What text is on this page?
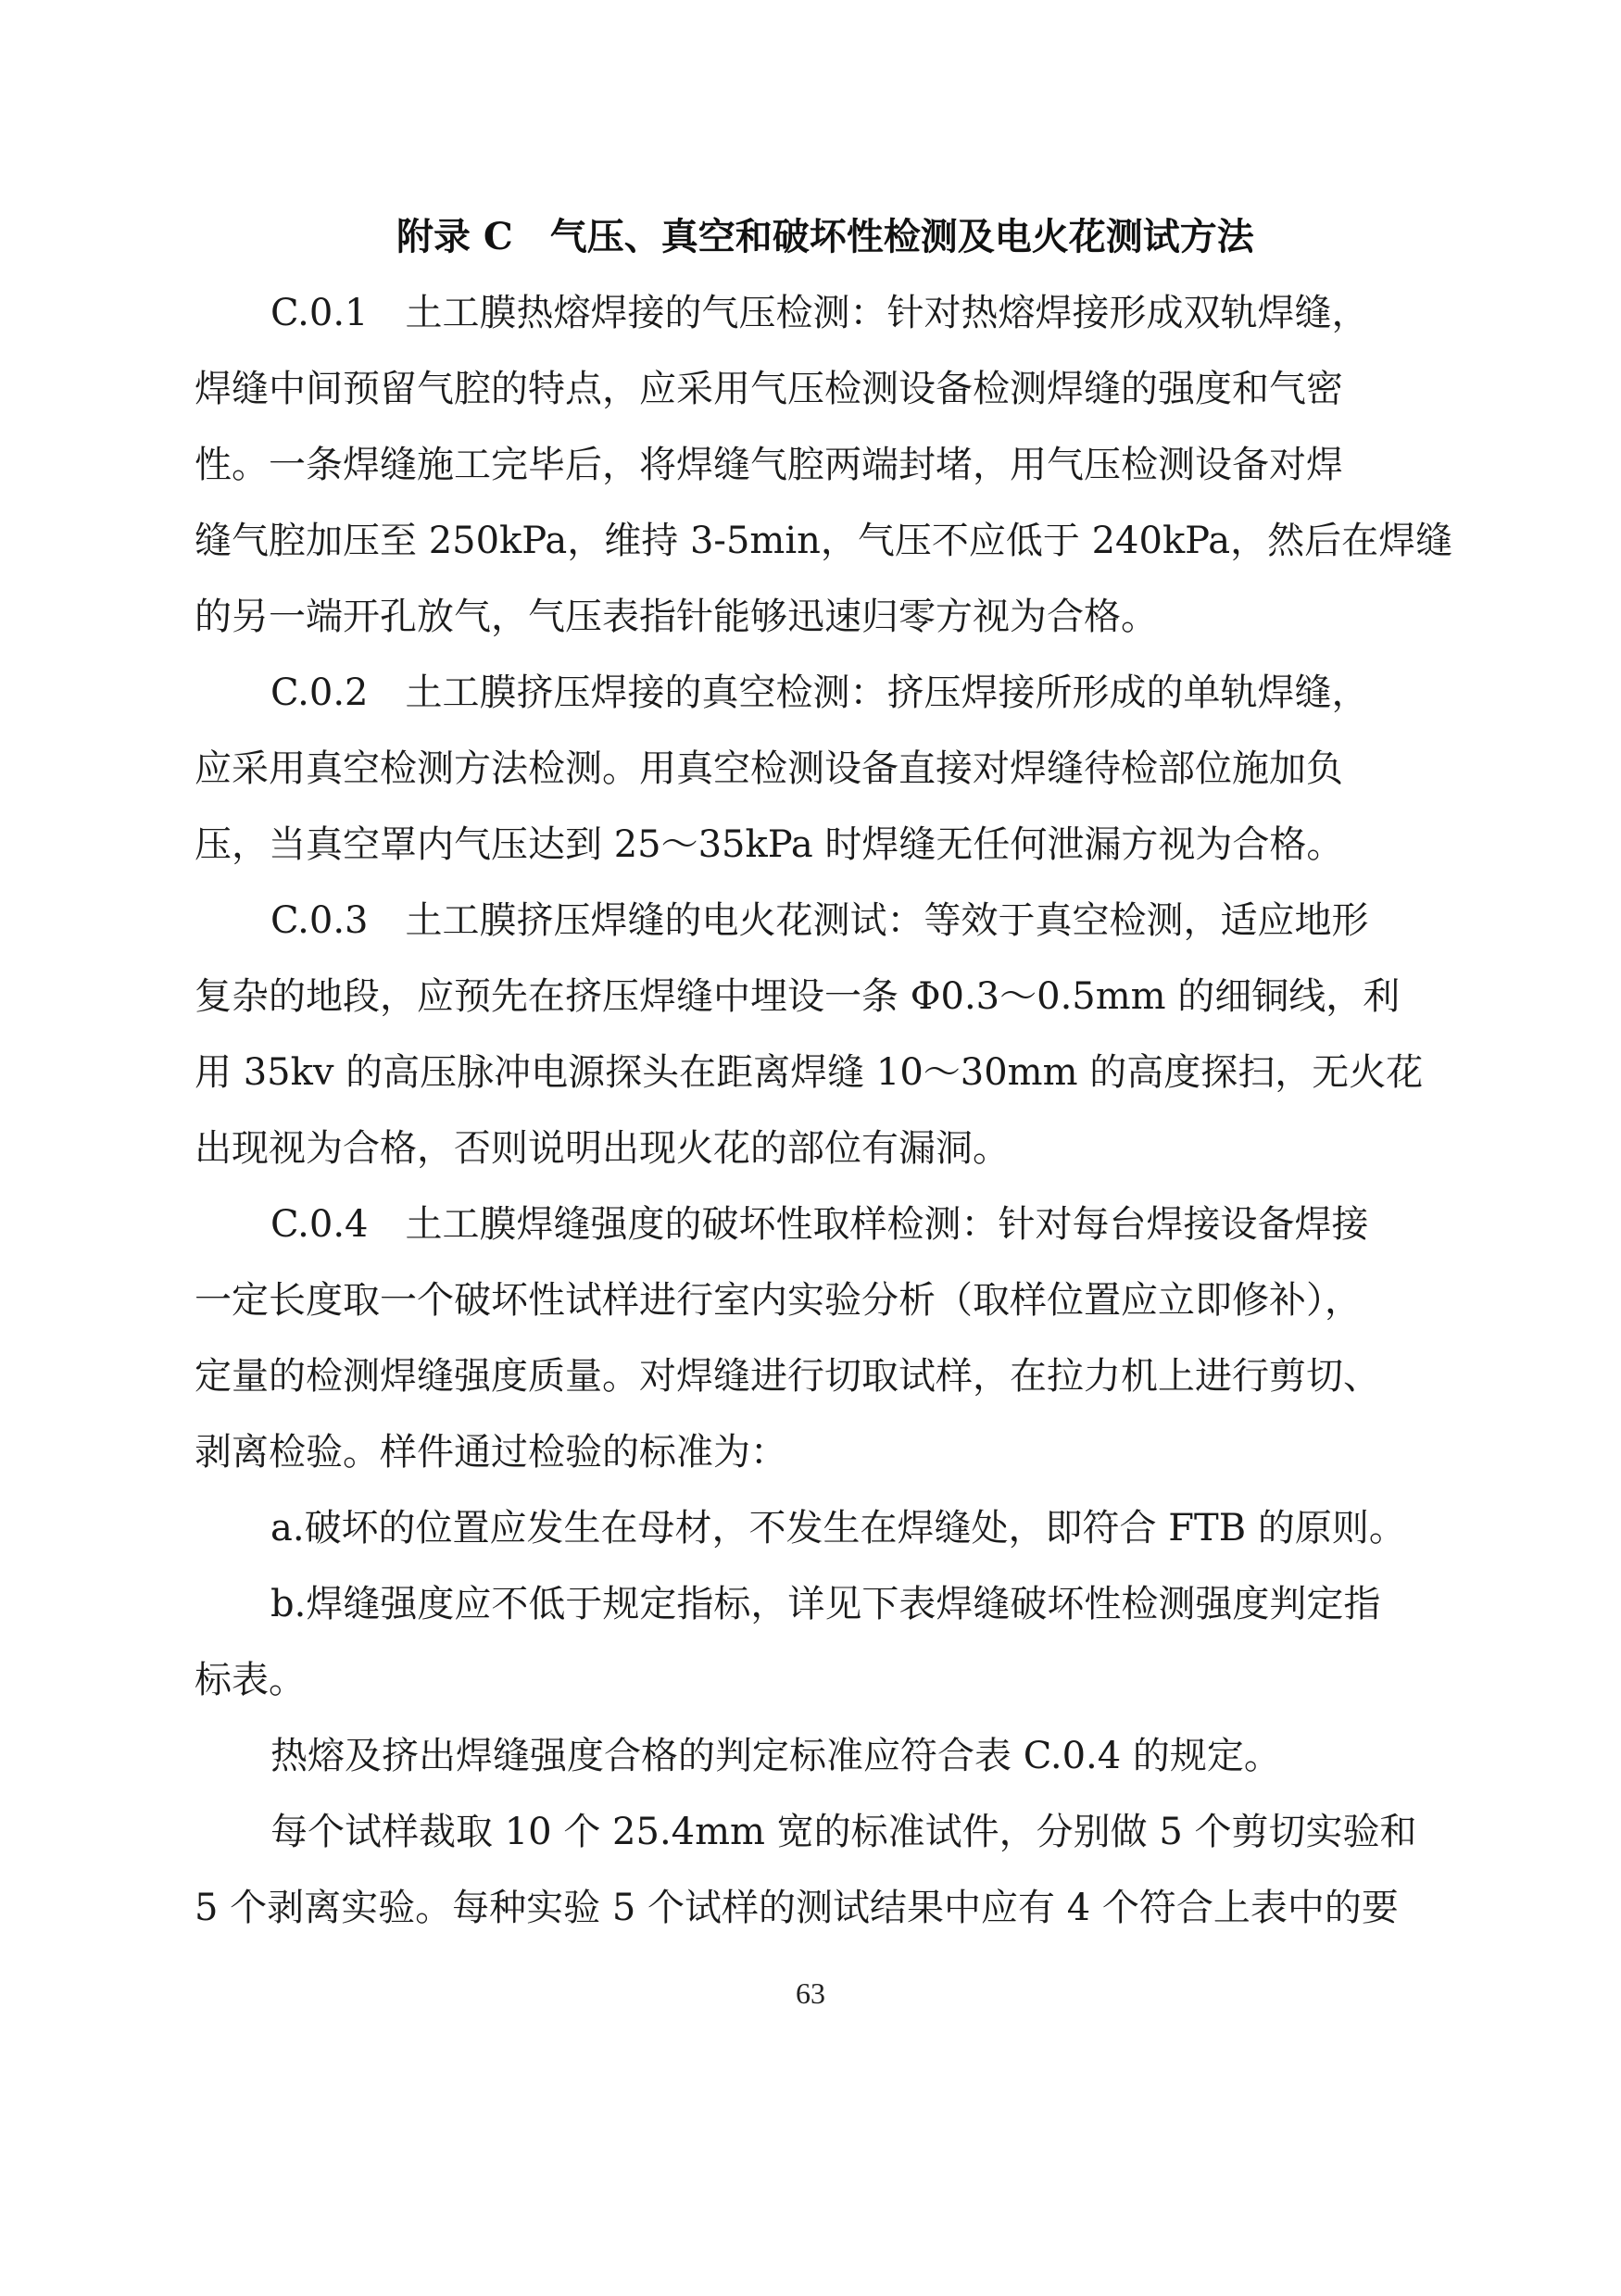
附录 C　气压、真空和破坏性检测及电火花测试方法

C.0.1　土工膜热熔焊接的气压检测：针对热熔焊接形成双轨焊缝，

焊缝中间预留气腔的特点，应采用气压检测设备检测焊缝的强度和气密

性。一条焊缝施工完毕后，将焊缝气腔两端封堵，用气压检测设备对焊

缝气腔加压至 250kPa，维持 3-5min，气压不应低于 240kPa，然后在焊缝

的另一端开孔放气，气压表指针能够迅速归零方视为合格。

C.0.2　土工膜挤压焊接的真空检测：挤压焊接所形成的单轨焊缝，

应采用真空检测方法检测。用真空检测设备直接对焊缝待检部位施加负

压，当真空罩内气压达到 25～35kPa 时焊缝无任何泄漏方视为合格。

C.0.3　土工膜挤压焊缝的电火花测试：等效于真空检测，适应地形

复杂的地段，应预先在挤压焊缝中埋设一条 Φ0.3～0.5mm 的细铜线，利

用 35kv 的高压脉冲电源探头在距离焊缝 10～30mm 的高度探扫，无火花

出现视为合格，否则说明出现火花的部位有漏洞。

C.0.4　土工膜焊缝强度的破坏性取样检测：针对每台焊接设备焊接

一定长度取一个破坏性试样进行室内实验分析（取样位置应立即修补），

定量的检测焊缝强度质量。对焊缝进行切取试样，在拉力机上进行剪切、

剥离检验。样件通过检验的标准为：

a.破坏的位置应发生在母材，不发生在焊缝处，即符合 FTB 的原则。

b.焊缝强度应不低于规定指标，详见下表焊缝破坏性检测强度判定指

标表。

热熔及挤出焊缝强度合格的判定标准应符合表 C.0.4 的规定。

每个试样裁取 10 个 25.4mm 宽的标准试件，分别做 5 个剪切实验和

5 个剥离实验。每种实验 5 个试样的测试结果中应有 4 个符合上表中的要

63
